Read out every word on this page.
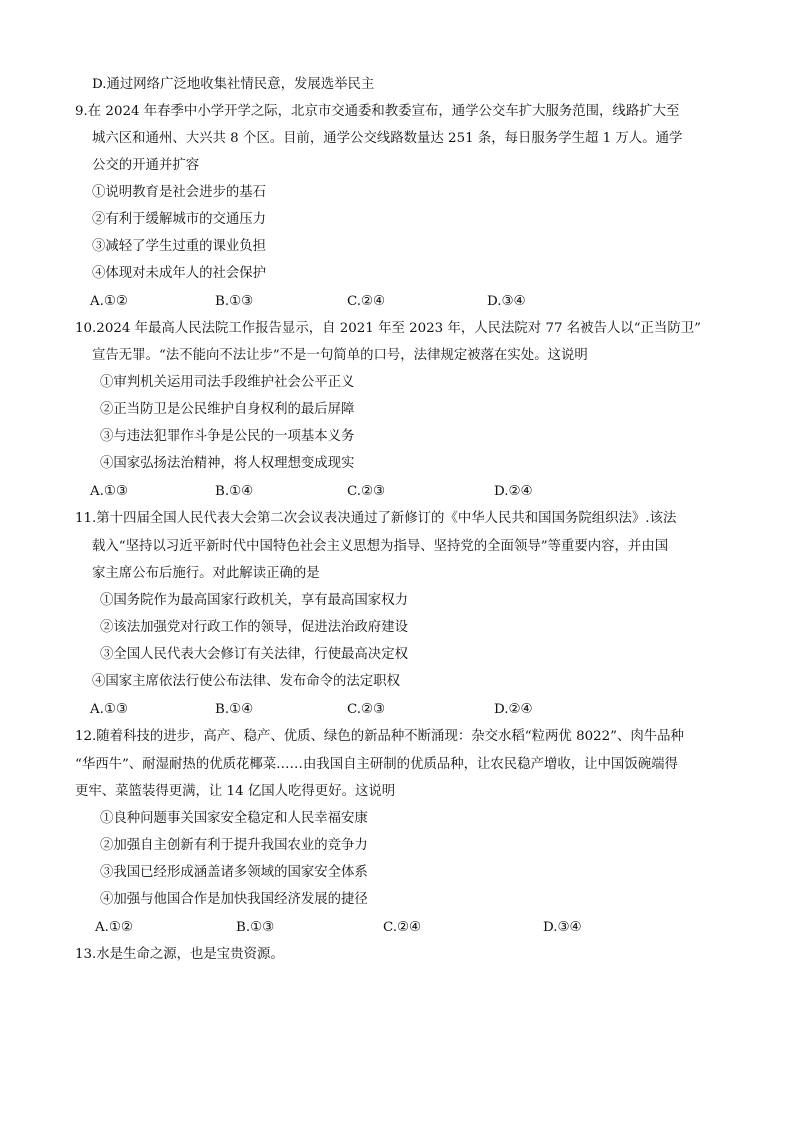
D.通过网络广泛地收集社情民意，发展选举民主
9.在 2024 年春季中小学开学之际，北京市交通委和教委宣布，通学公交车扩大服务范围，线路扩大至
城六区和通州、大兴共 8 个区。目前，通学公交线路数量达 251 条，每日服务学生超 1 万人。通学
公交的开通并扩容
①说明教育是社会进步的基石
②有利于缓解城市的交通压力
③减轻了学生过重的课业负担
④体现对未成年人的社会保护
A.①②	B.①③	C.②④	D.③④
10.2024 年最高人民法院工作报告显示，自 2021 年至 2023 年，人民法院对 77 名被告人以“正当防卫”
宣告无罪。“法不能向不法让步”不是一句简单的口号，法律规定被落在实处。这说明
①审判机关运用司法手段维护社会公平正义
②正当防卫是公民维护自身权利的最后屏障
③与违法犯罪作斗争是公民的一项基本义务
④国家弘扬法治精神，将人权理想变成现实
A.①③	B.①④	C.②③	D.②④
11.第十四届全国人民代表大会第二次会议表决通过了新修订的《中华人民共和国国务院组织法》.该法
载入“坚持以习近平新时代中国特色社会主义思想为指导、坚持党的全面领导”等重要内容，并由国
家主席公布后施行。对此解读正确的是
①国务院作为最高国家行政机关，享有最高国家权力
②该法加强党对行政工作的领导，促进法治政府建设
③全国人民代表大会修订有关法律，行使最高决定权
④国家主席依法行使公布法律、发布命令的法定职权
A.①③	B.①④	C.②③	D.②④
12.随着科技的进步，高产、稳产、优质、绿色的新品种不断涌现：杂交水稻“粒两优 8022”、肉牛品种
“华西牛”、耐湿耐热的优质花椰菜……由我国自主研制的优质品种，让农民稳产增收，让中国饭碗端得
更牢、菜篮装得更满，让 14 亿国人吃得更好。这说明
①良种问题事关国家安全稳定和人民幸福安康
②加强自主创新有利于提升我国农业的竞争力
③我国已经形成涵盖诸多领域的国家安全体系
④加强与他国合作是加快我国经济发展的捷径
A.①②	B.①③	C.②④	D.③④
13.水是生命之源，也是宝贵资源。
